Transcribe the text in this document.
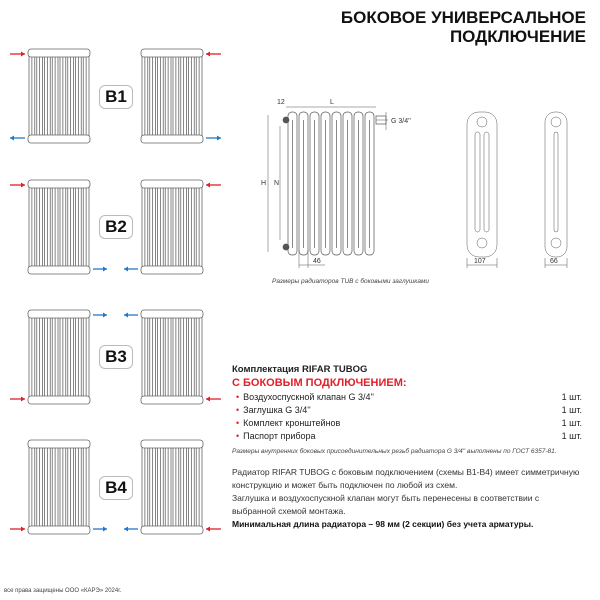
БОКОВОЕ УНИВЕРСАЛЬНОЕ
ПОДКЛЮЧЕНИЕ
B1
B2
B3
B4
12	L
H N
46
G 3/4''
107	66
Размеры радиаторов TUB с боковыми заглушками
Комплектация RIFAR TUBOG
С БОКОВЫМ ПОДКЛЮЧЕНИЕМ:
• Воздухоспускной клапан G 3/4''	1 шт.
• Заглушка G 3/4''	1 шт.
• Комплект кронштейнов	1 шт.
• Паспорт прибора	1 шт.
Размеры внутренних боковых присоединительных резьб радиатора G 3/4'' выполнены по ГОСТ 6357-81.
Радиатор RIFAR TUBOG с боковым подключением (схемы В1-В4) имеет симметричную конструкцию и может быть подключен по любой из схем.
Заглушка и воздухоспускной клапан могут быть перенесены в соответствии с выбранной схемой монтажа.
Минимальная длина радиатора – 98 мм (2 секции) без учета арматуры.
все права защищены ООО «КАРЭ» 2024г.
